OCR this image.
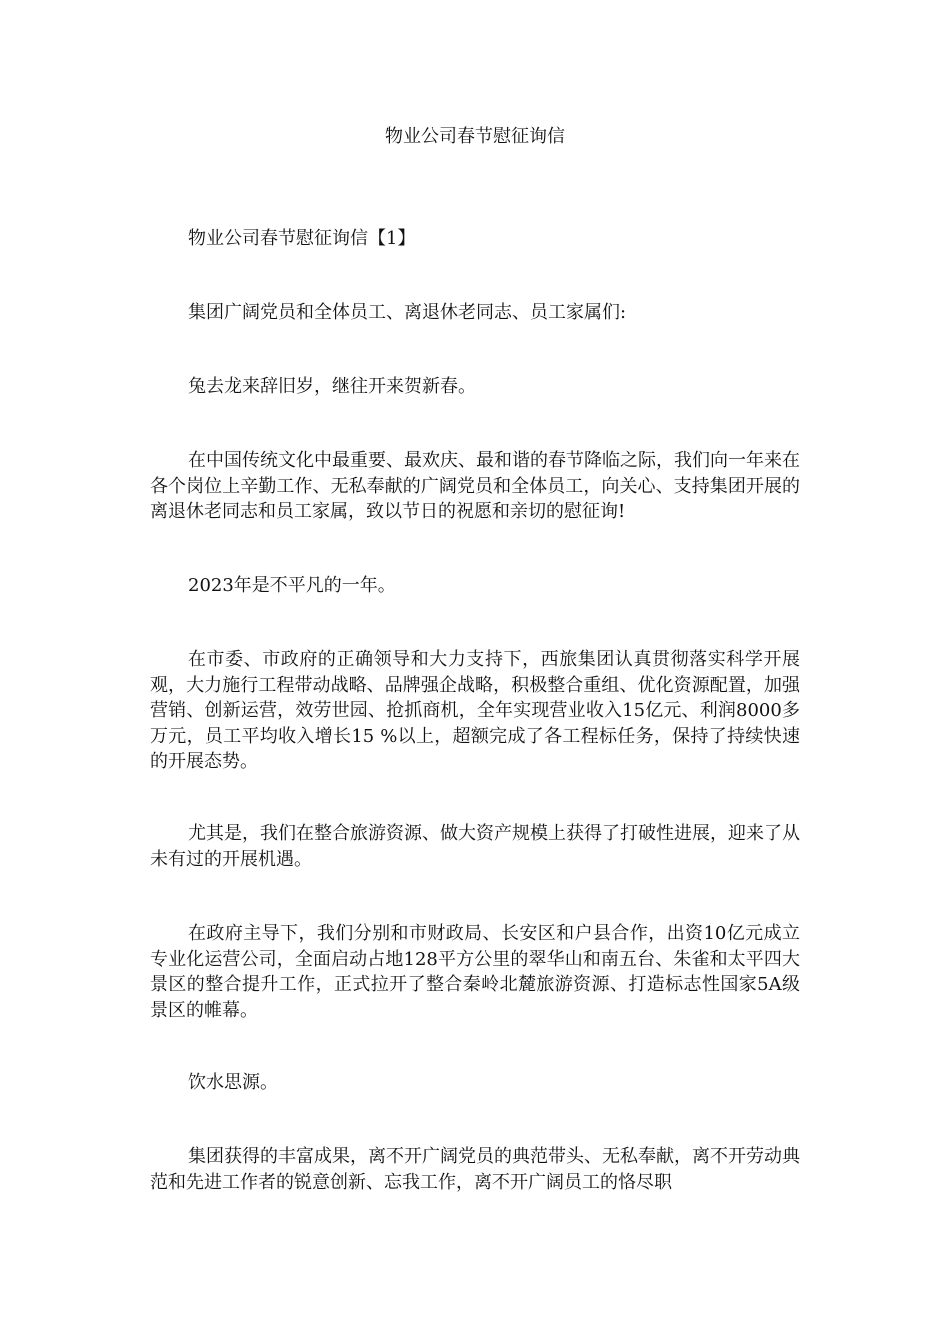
物业公司春节慰征询信

物业公司春节慰征询信【1】

集团广阔党员和全体员工、离退休老同志、员工家属们:

兔去龙来辞旧岁，继往开来贺新春。

在中国传统文化中最重要、最欢庆、最和谐的春节降临之际，我们向一年来在各个岗位上辛勤工作、无私奉献的广阔党员和全体员工，向关心、支持集团开展的离退休老同志和员工家属，致以节日的祝愿和亲切的慰征询!

2023年是不平凡的一年。

在市委、市政府的正确领导和大力支持下，西旅集团认真贯彻落实科学开展观，大力施行工程带动战略、品牌强企战略，积极整合重组、优化资源配置，加强营销、创新运营，效劳世园、抢抓商机，全年实现营业收入15亿元、利润8000多万元，员工平均收入增长15 %以上，超额完成了各工程标任务，保持了持续快速的开展态势。

尤其是，我们在整合旅游资源、做大资产规模上获得了打破性进展，迎来了从未有过的开展机遇。

在政府主导下，我们分别和市财政局、长安区和户县合作，出资10亿元成立专业化运营公司，全面启动占地128平方公里的翠华山和南五台、朱雀和太平四大景区的整合提升工作，正式拉开了整合秦岭北麓旅游资源、打造标志性国家5A级景区的帷幕。

饮水思源。

集团获得的丰富成果，离不开广阔党员的典范带头、无私奉献，离不开劳动典范和先进工作者的锐意创新、忘我工作，离不开广阔员工的恪尽职
